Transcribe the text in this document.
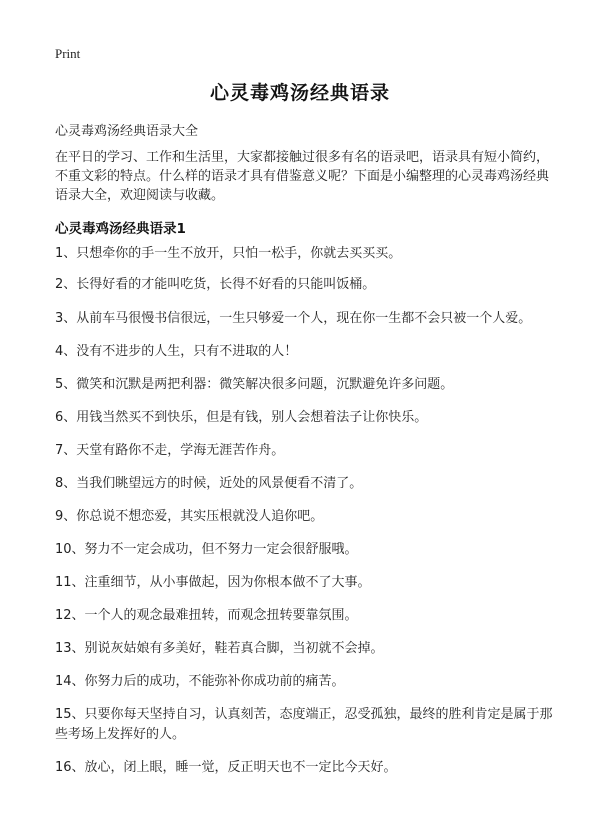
Print
心灵毒鸡汤经典语录
心灵毒鸡汤经典语录大全
在平日的学习、工作和生活里，大家都接触过很多有名的语录吧，语录具有短小简约，不重文彩的特点。什么样的语录才具有借鉴意义呢？下面是小编整理的心灵毒鸡汤经典语录大全，欢迎阅读与收藏。
心灵毒鸡汤经典语录1
1、只想牵你的手一生不放开，只怕一松手，你就去买买买。
2、长得好看的才能叫吃货，长得不好看的只能叫饭桶。
3、从前车马很慢书信很远，一生只够爱一个人，现在你一生都不会只被一个人爱。
4、没有不进步的人生，只有不进取的人！
5、微笑和沉默是两把利器：微笑解决很多问题，沉默避免许多问题。
6、用钱当然买不到快乐，但是有钱，别人会想着法子让你快乐。
7、天堂有路你不走，学海无涯苦作舟。
8、当我们眺望远方的时候，近处的风景便看不清了。
9、你总说不想恋爱，其实压根就没人追你吧。
10、努力不一定会成功，但不努力一定会很舒服哦。
11、注重细节，从小事做起，因为你根本做不了大事。
12、一个人的观念最难扭转，而观念扭转要靠氛围。
13、别说灰姑娘有多美好，鞋若真合脚，当初就不会掉。
14、你努力后的成功，不能弥补你成功前的痛苦。
15、只要你每天坚持自习，认真刻苦，态度端正，忍受孤独，最终的胜利肯定是属于那些考场上发挥好的人。
16、放心，闭上眼，睡一觉，反正明天也不一定比今天好。
